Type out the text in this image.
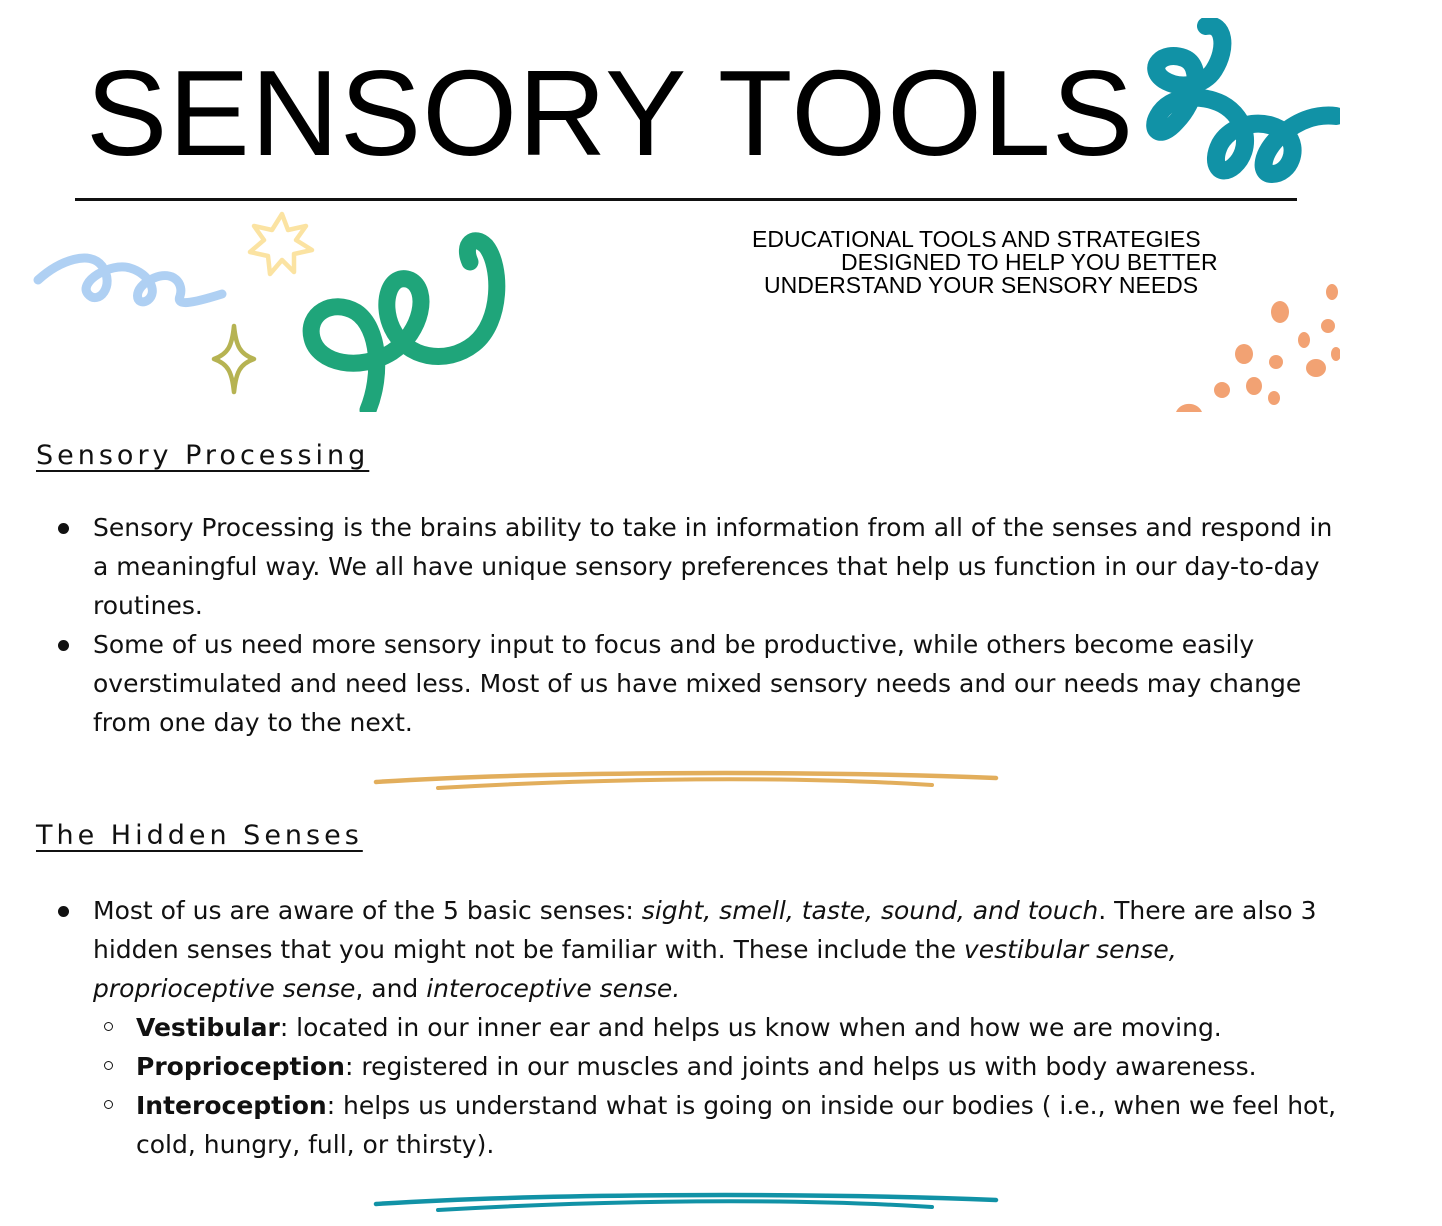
SENSORY TOOLS
EDUCATIONAL TOOLS AND STRATEGIES
DESIGNED TO HELP YOU BETTER
UNDERSTAND YOUR SENSORY NEEDS
Sensory Processing
Sensory Processing is the brains ability to take in information from all of the senses and respond in a meaningful way. We all have unique sensory preferences that help us function in our day-to-day routines.
Some of us need more sensory input to focus and be productive, while others become easily overstimulated and need less. Most of us have mixed sensory needs and our needs may change from one day to the next.
The Hidden Senses
Most of us are aware of the 5 basic senses: sight, smell, taste, sound, and touch. There are also 3 hidden senses that you might not be familiar with. These include the vestibular sense, proprioceptive sense, and interoceptive sense.
Vestibular: located in our inner ear and helps us know when and how we are moving.
Proprioception: registered in our muscles and joints and helps us with body awareness.
Interoception: helps us understand what is going on inside our bodies ( i.e., when we feel hot, cold, hungry, full, or thirsty).
